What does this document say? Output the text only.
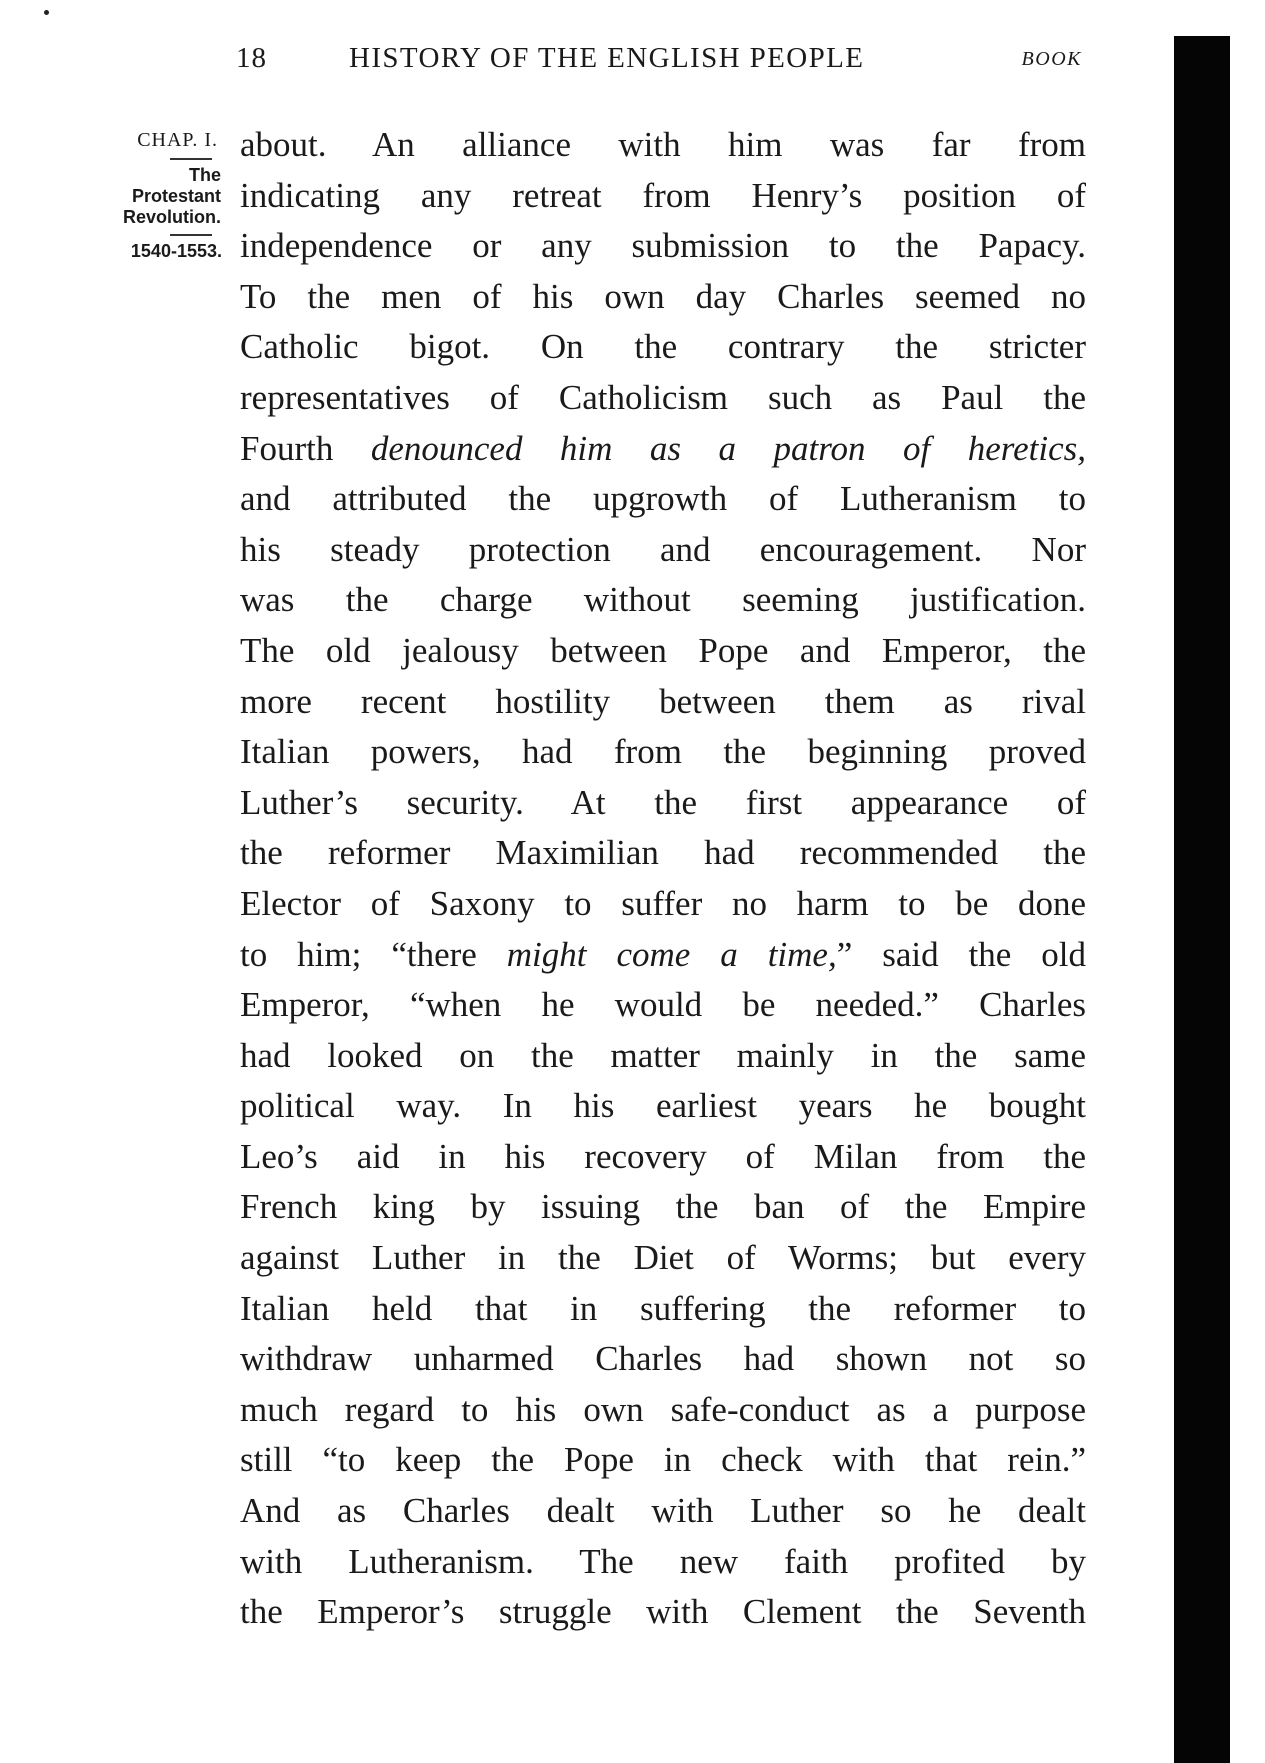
18	HISTORY OF THE ENGLISH PEOPLE	BOOK
CHAP. I.
The
Protestant
Revolution.
1540-1553.
about. An alliance with him was far from
indicating any retreat from Henry’s position of
independence or any submission to the Papacy.
To the men of his own day Charles seemed no
Catholic bigot. On the contrary the stricter
representatives of Catholicism such as Paul the
Fourth denounced him as a patron of heretics,
and attributed the upgrowth of Lutheranism to
his steady protection and encouragement. Nor
was the charge without seeming justification.
The old jealousy between Pope and Emperor, the
more recent hostility between them as rival
Italian powers, had from the beginning proved
Luther’s security. At the first appearance of
the reformer Maximilian had recommended the
Elector of Saxony to suffer no harm to be done
to him; “there might come a time,” said the old
Emperor, “when he would be needed.” Charles
had looked on the matter mainly in the same
political way. In his earliest years he bought
Leo’s aid in his recovery of Milan from the
French king by issuing the ban of the Empire
against Luther in the Diet of Worms; but every
Italian held that in suffering the reformer to
withdraw unharmed Charles had shown not so
much regard to his own safe-conduct as a purpose
still “to keep the Pope in check with that rein.”
And as Charles dealt with Luther so he dealt
with Lutheranism. The new faith profited by
the Emperor’s struggle with Clement the Seventh
